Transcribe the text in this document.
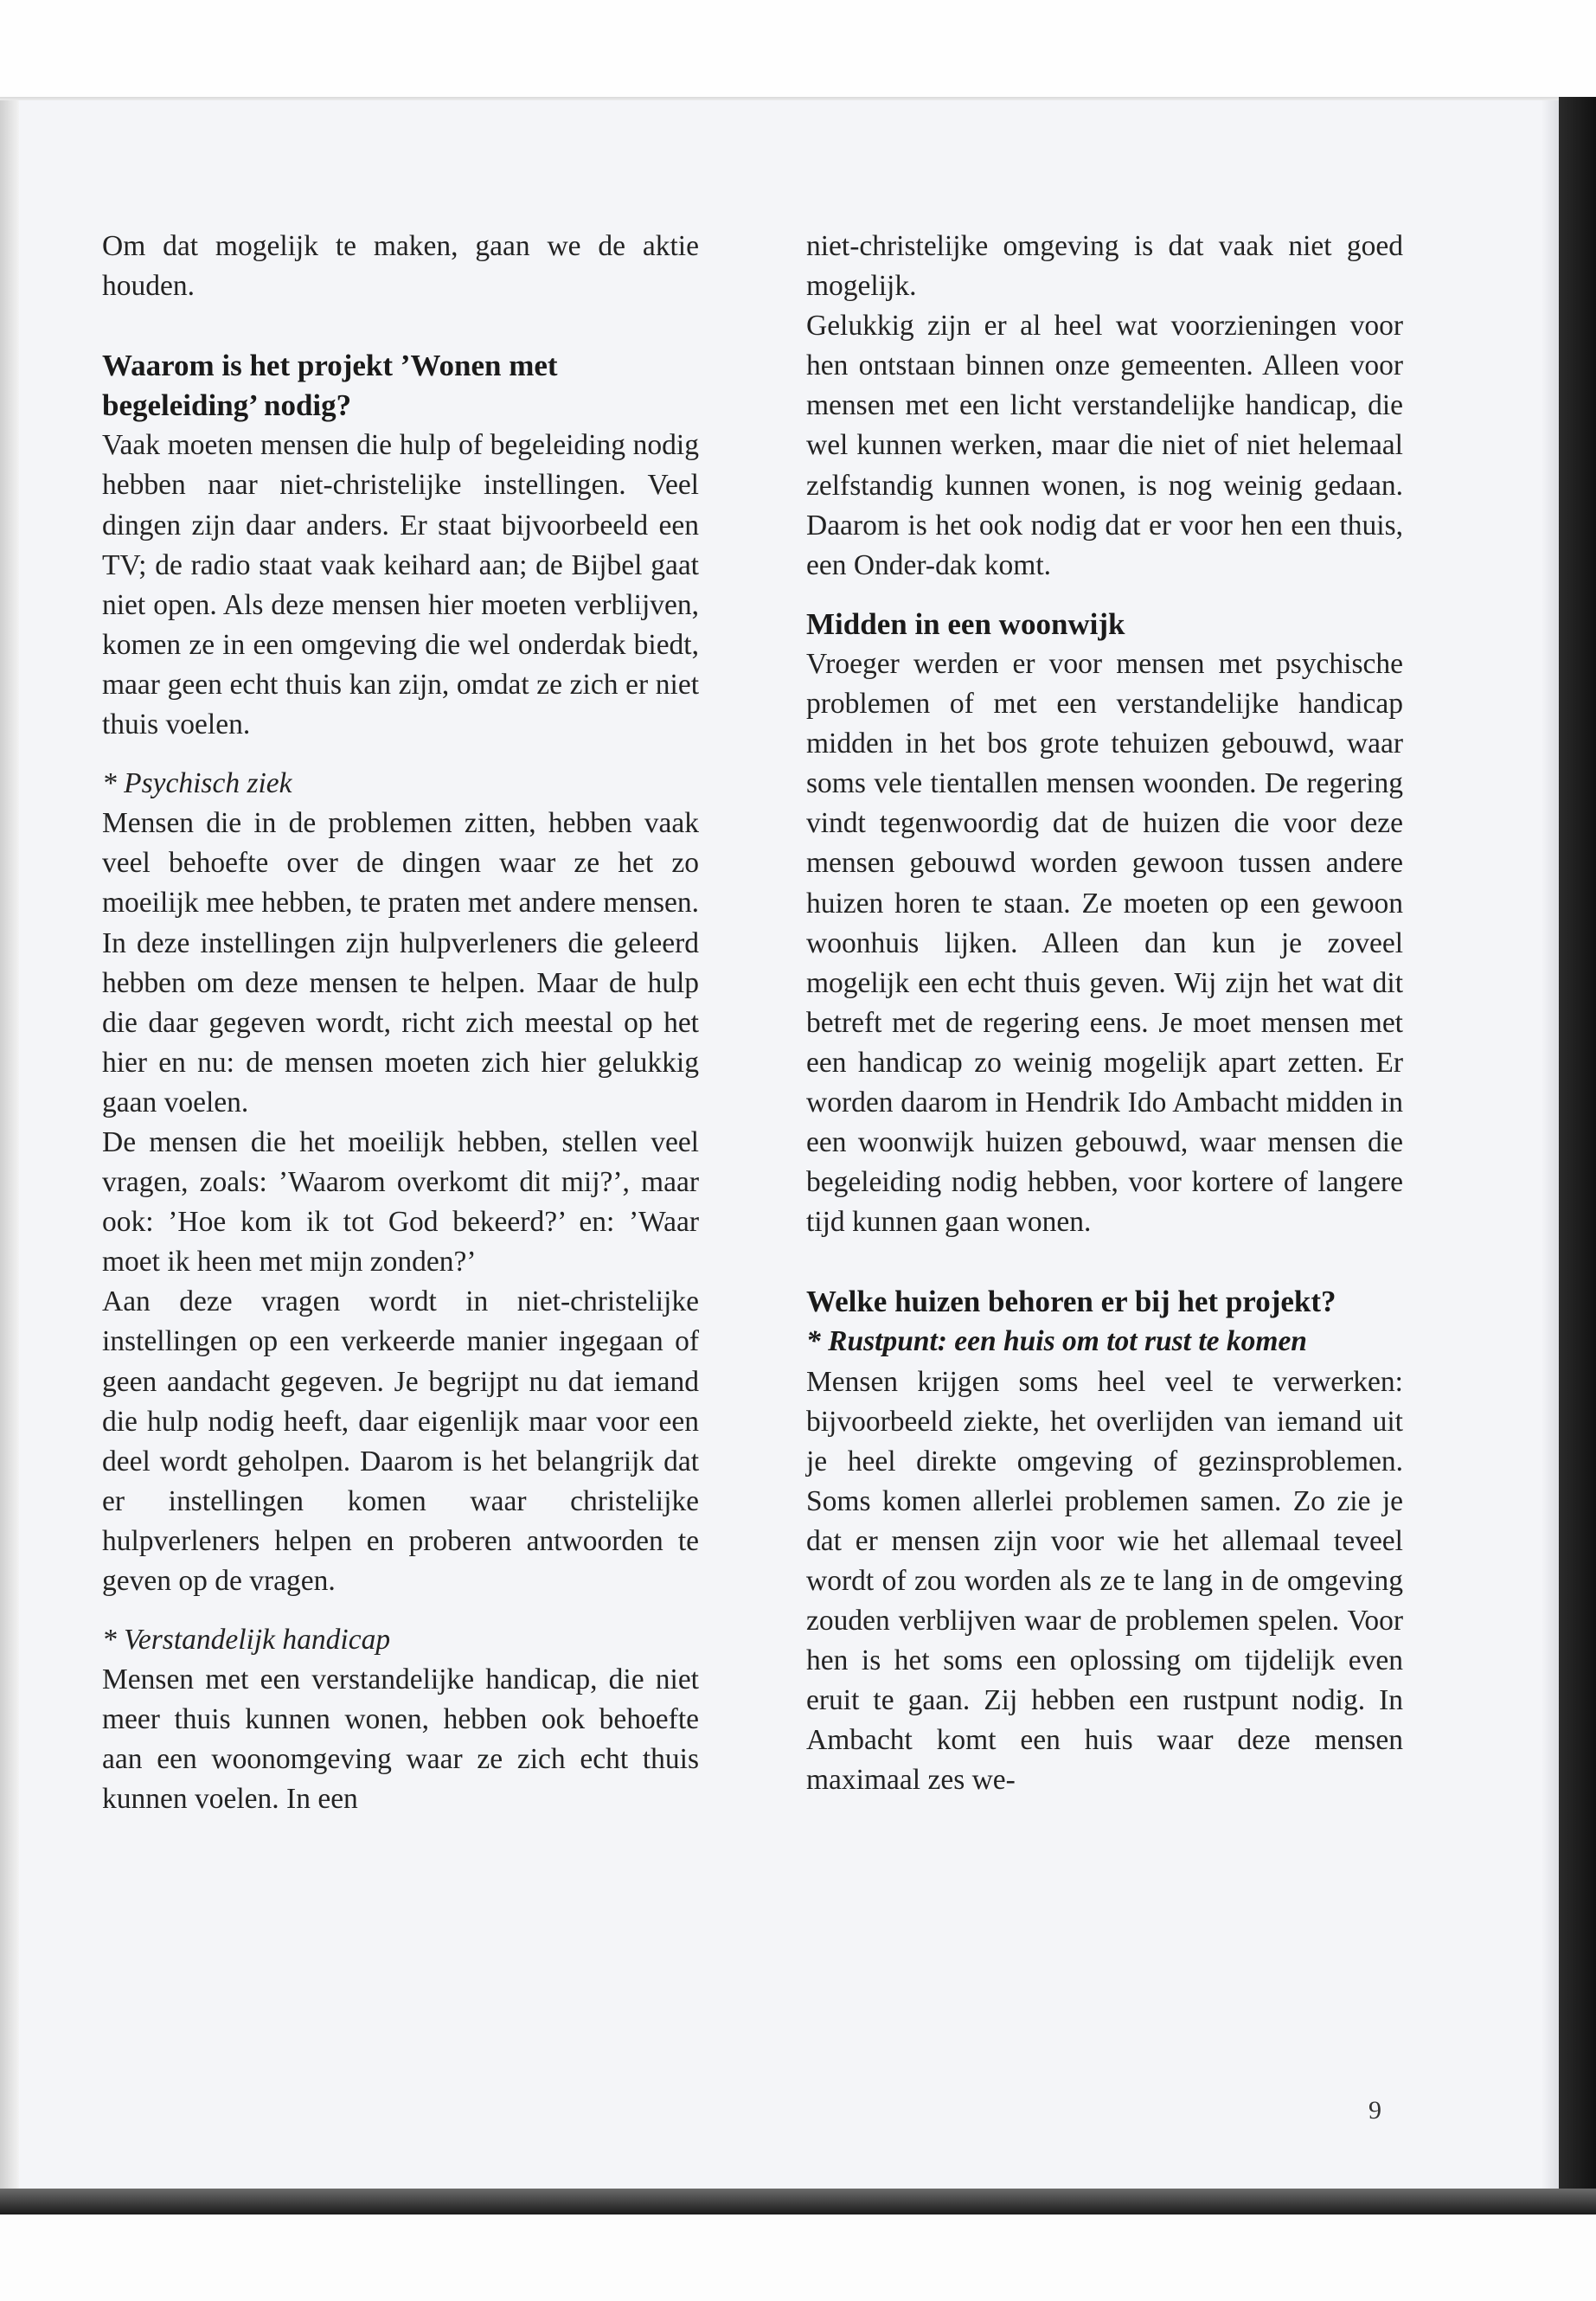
Om dat mogelijk te maken, gaan we de aktie houden.

Waarom is het projekt ’Wonen met begeleiding’ nodig?

Vaak moeten mensen die hulp of begeleiding nodig hebben naar niet-christelijke instellingen. Veel dingen zijn daar anders. Er staat bijvoorbeeld een TV; de radio staat vaak keihard aan; de Bijbel gaat niet open. Als deze mensen hier moeten verblijven, komen ze in een omgeving die wel onderdak biedt, maar geen echt thuis kan zijn, omdat ze zich er niet thuis voelen.

* Psychisch ziek

Mensen die in de problemen zitten, hebben vaak veel behoefte over de dingen waar ze het zo moeilijk mee hebben, te praten met andere mensen. In deze instellingen zijn hulpverleners die geleerd hebben om deze mensen te helpen. Maar de hulp die daar gegeven wordt, richt zich meestal op het hier en nu: de mensen moeten zich hier gelukkig gaan voelen.

De mensen die het moeilijk hebben, stellen veel vragen, zoals: ’Waarom overkomt dit mij?’, maar ook: ’Hoe kom ik tot God bekeerd?’ en: ’Waar moet ik heen met mijn zonden?’

Aan deze vragen wordt in niet-christelijke instellingen op een verkeerde manier ingegaan of geen aandacht gegeven. Je begrijpt nu dat iemand die hulp nodig heeft, daar eigenlijk maar voor een deel wordt geholpen. Daarom is het belangrijk dat er instellingen komen waar christelijke hulpverleners helpen en proberen antwoorden te geven op de vragen.

* Verstandelijk handicap

Mensen met een verstandelijke handicap, die niet meer thuis kunnen wonen, hebben ook behoefte aan een woonomgeving waar ze zich echt thuis kunnen voelen. In een

niet-christelijke omgeving is dat vaak niet goed mogelijk.

Gelukkig zijn er al heel wat voorzieningen voor hen ontstaan binnen onze gemeenten. Alleen voor mensen met een licht verstandelijke handicap, die wel kunnen werken, maar die niet of niet helemaal zelfstandig kunnen wonen, is nog weinig gedaan. Daarom is het ook nodig dat er voor hen een thuis, een Onder-dak komt.

Midden in een woonwijk

Vroeger werden er voor mensen met psychische problemen of met een verstandelijke handicap midden in het bos grote tehuizen gebouwd, waar soms vele tientallen mensen woonden. De regering vindt tegenwoordig dat de huizen die voor deze mensen gebouwd worden gewoon tussen andere huizen horen te staan. Ze moeten op een gewoon woonhuis lijken. Alleen dan kun je zoveel mogelijk een echt thuis geven. Wij zijn het wat dit betreft met de regering eens. Je moet mensen met een handicap zo weinig mogelijk apart zetten. Er worden daarom in Hendrik Ido Ambacht midden in een woonwijk huizen gebouwd, waar mensen die begeleiding nodig hebben, voor kortere of langere tijd kunnen gaan wonen.

Welke huizen behoren er bij het projekt?

* Rustpunt: een huis om tot rust te komen

Mensen krijgen soms heel veel te verwerken: bijvoorbeeld ziekte, het overlijden van iemand uit je heel direkte omgeving of gezinsproblemen. Soms komen allerlei problemen samen. Zo zie je dat er mensen zijn voor wie het allemaal teveel wordt of zou worden als ze te lang in de omgeving zouden verblijven waar de problemen spelen. Voor hen is het soms een oplossing om tijdelijk even eruit te gaan. Zij hebben een rustpunt nodig. In Ambacht komt een huis waar deze mensen maximaal zes we-

9
